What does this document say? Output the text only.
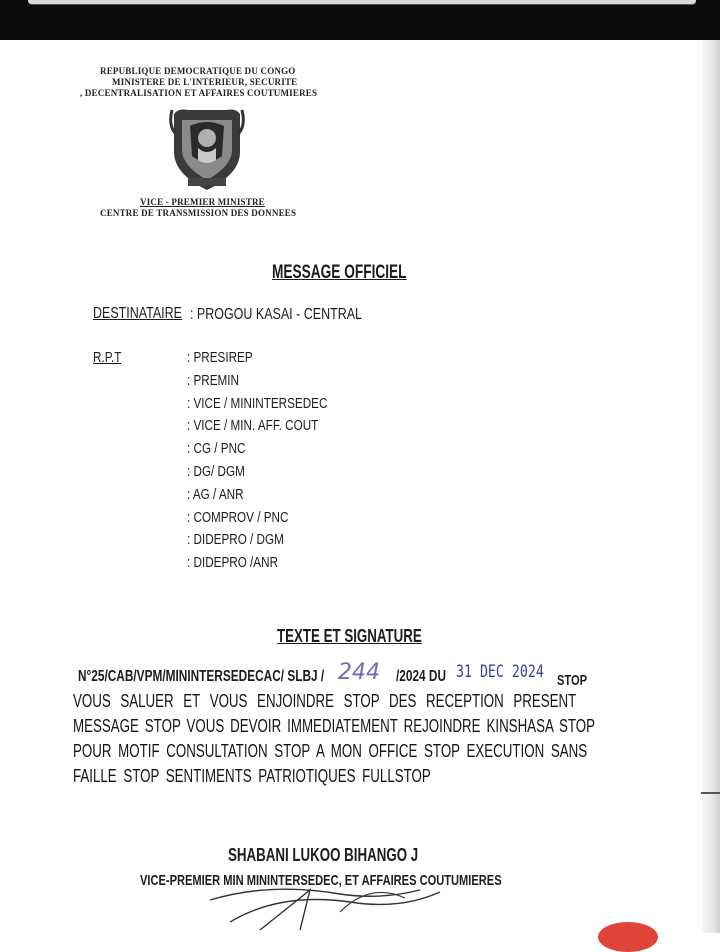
REPUBLIQUE DEMOCRATIQUE DU CONGO
MINISTERE DE L'INTERIEUR, SECURITE
, DECENTRALISATION ET AFFAIRES COUTUMIERES
VICE - PREMIER MINISTRE
CENTRE DE TRANSMISSION DES DONNEES
MESSAGE OFFICIEL
DESTINATAIRE : PROGOU KASAI - CENTRAL
R.P.T	: PRESIREP
: PREMIN
: VICE / MININTERSEDEC
: VICE / MIN. AFF. COUT
: CG / PNC
: DG/ DGM
: AG / ANR
: COMPROV / PNC
: DIDEPRO / DGM
: DIDEPRO /ANR
TEXTE ET SIGNATURE
N°25/CAB/VPM/MININTERSEDECAC/ SLBJ / 244 /2024 DU 31 DEC 2024 STOP
VOUS SALUER ET VOUS ENJOINDRE STOP DES RECEPTION PRESENT
MESSAGE STOP VOUS DEVOIR IMMEDIATEMENT REJOINDRE KINSHASA STOP
POUR MOTIF CONSULTATION STOP A MON OFFICE STOP EXECUTION SANS
FAILLE STOP SENTIMENTS PATRIOTIQUES FULLSTOP
SHABANI LUKOO BIHANGO J
VICE-PREMIER MIN MININTERSEDEC, ET AFFAIRES COUTUMIERES
